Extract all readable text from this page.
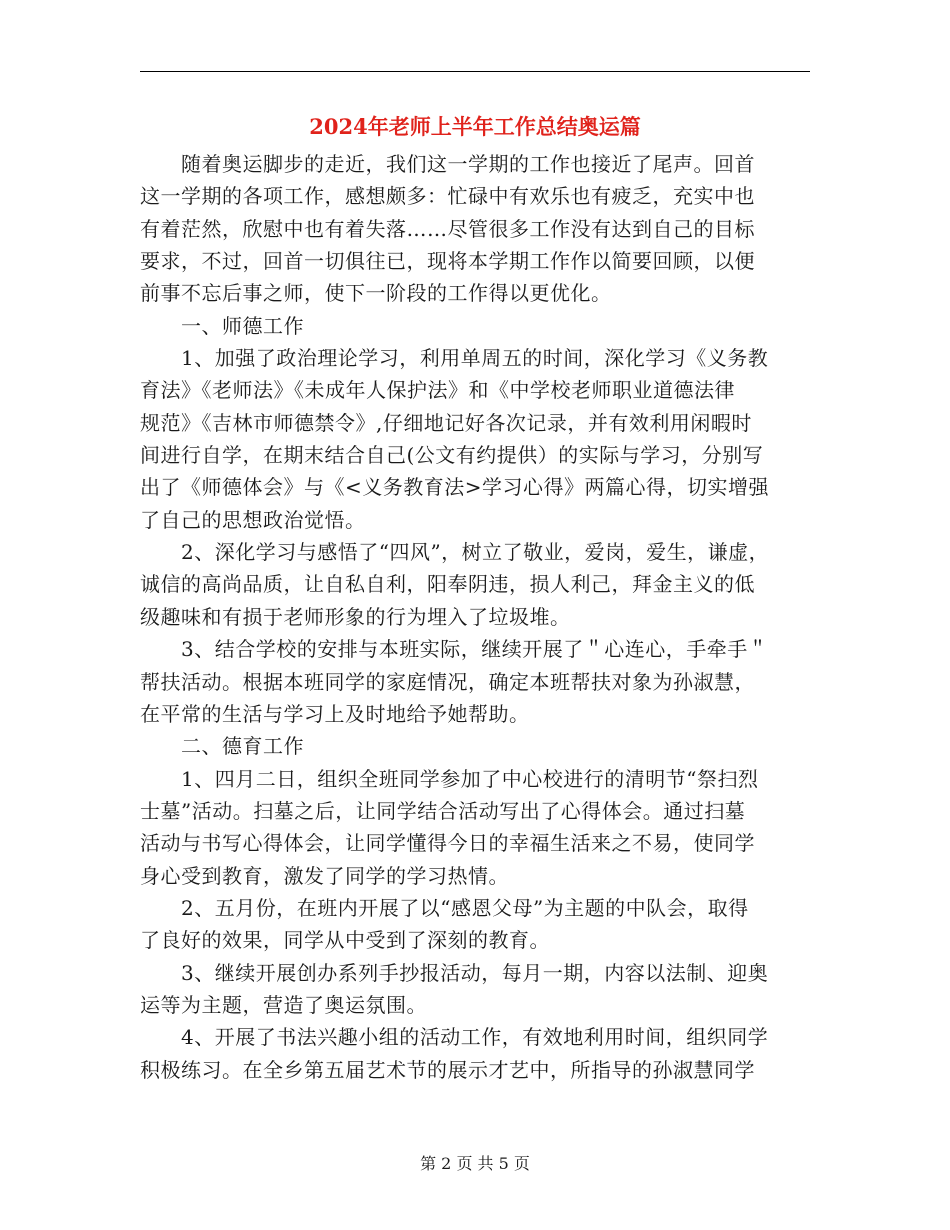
2024年老师上半年工作总结奥运篇
　　随着奥运脚步的走近，我们这一学期的工作也接近了尾声。回首
这一学期的各项工作，感想颇多：忙碌中有欢乐也有疲乏，充实中也
有着茫然，欣慰中也有着失落……尽管很多工作没有达到自己的目标
要求，不过，回首一切俱往已，现将本学期工作作以简要回顾，以便
前事不忘后事之师，使下一阶段的工作得以更优化。
　　一、师德工作
　　1、加强了政治理论学习，利用单周五的时间，深化学习《义务教
育法》《老师法》《未成年人保护法》和《中学校老师职业道德法律
规范》《吉林市师德禁令》,仔细地记好各次记录，并有效利用闲暇时
间进行自学，在期末结合自己(公文有约提供）的实际与学习，分别写
出了《师德体会》与《<义务教育法>学习心得》两篇心得，切实增强
了自己的思想政治觉悟。
　　2、深化学习与感悟了“四风”，树立了敬业，爱岗，爱生，谦虚，
诚信的高尚品质，让自私自利，阳奉阴违，损人利己，拜金主义的低
级趣味和有损于老师形象的行为埋入了垃圾堆。
　　3、结合学校的安排与本班实际，继续开展了＂心连心，手牵手＂
帮扶活动。根据本班同学的家庭情况，确定本班帮扶对象为孙淑慧，
在平常的生活与学习上及时地给予她帮助。
　　二、德育工作
　　1、四月二日，组织全班同学参加了中心校进行的清明节“祭扫烈
士墓”活动。扫墓之后，让同学结合活动写出了心得体会。通过扫墓
活动与书写心得体会，让同学懂得今日的幸福生活来之不易，使同学
身心受到教育，激发了同学的学习热情。
　　2、五月份，在班内开展了以“感恩父母”为主题的中队会，取得
了良好的效果，同学从中受到了深刻的教育。
　　3、继续开展创办系列手抄报活动，每月一期，内容以法制、迎奥
运等为主题，营造了奥运氛围。
　　4、开展了书法兴趣小组的活动工作，有效地利用时间，组织同学
积极练习。在全乡第五届艺术节的展示才艺中，所指导的孙淑慧同学
第 2 页 共 5 页
